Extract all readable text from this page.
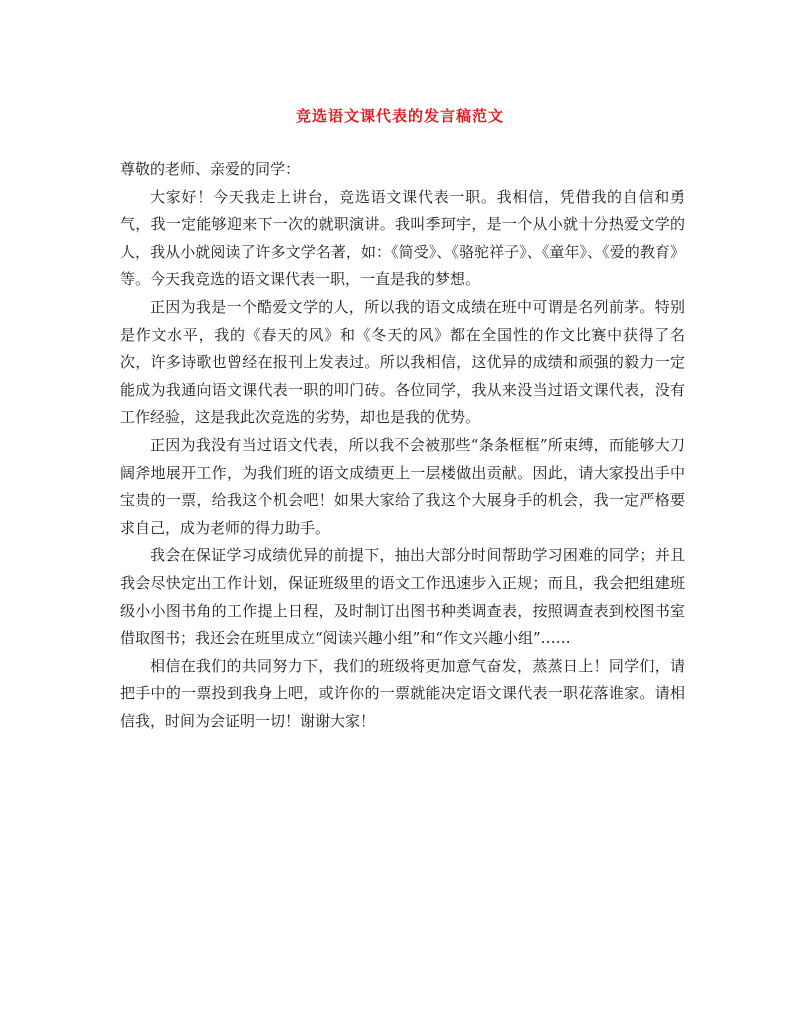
竞选语文课代表的发言稿范文

尊敬的老师、亲爱的同学：

大家好！今天我走上讲台，竞选语文课代表一职。我相信，凭借我的自信和勇气，我一定能够迎来下一次的就职演讲。我叫季珂宇，是一个从小就十分热爱文学的人，我从小就阅读了许多文学名著，如：《简受》、《骆驼祥子》、《童年》、《爱的教育》等。今天我竞选的语文课代表一职，一直是我的梦想。

正因为我是一个酷爱文学的人，所以我的语文成绩在班中可谓是名列前茅。特别是作文水平，我的《春天的风》和《冬天的风》都在全国性的作文比赛中获得了名次，许多诗歌也曾经在报刊上发表过。所以我相信，这优异的成绩和顽强的毅力一定能成为我通向语文课代表一职的叩门砖。各位同学，我从来没当过语文课代表，没有工作经验，这是我此次竞选的劣势，却也是我的优势。

正因为我没有当过语文代表，所以我不会被那些“条条框框”所束缚，而能够大刀阔斧地展开工作，为我们班的语文成绩更上一层楼做出贡献。因此，请大家投出手中宝贵的一票，给我这个机会吧！如果大家给了我这个大展身手的机会，我一定严格要求自己，成为老师的得力助手。

我会在保证学习成绩优异的前提下，抽出大部分时间帮助学习困难的同学；并且我会尽快定出工作计划，保证班级里的语文工作迅速步入正规；而且，我会把组建班级小小图书角的工作提上日程，及时制订出图书种类调查表，按照调查表到校图书室借取图书；我还会在班里成立“阅读兴趣小组”和“作文兴趣小组”……

相信在我们的共同努力下，我们的班级将更加意气奋发，蒸蒸日上！同学们，请把手中的一票投到我身上吧，或许你的一票就能决定语文课代表一职花落谁家。请相信我，时间为会证明一切！谢谢大家！
